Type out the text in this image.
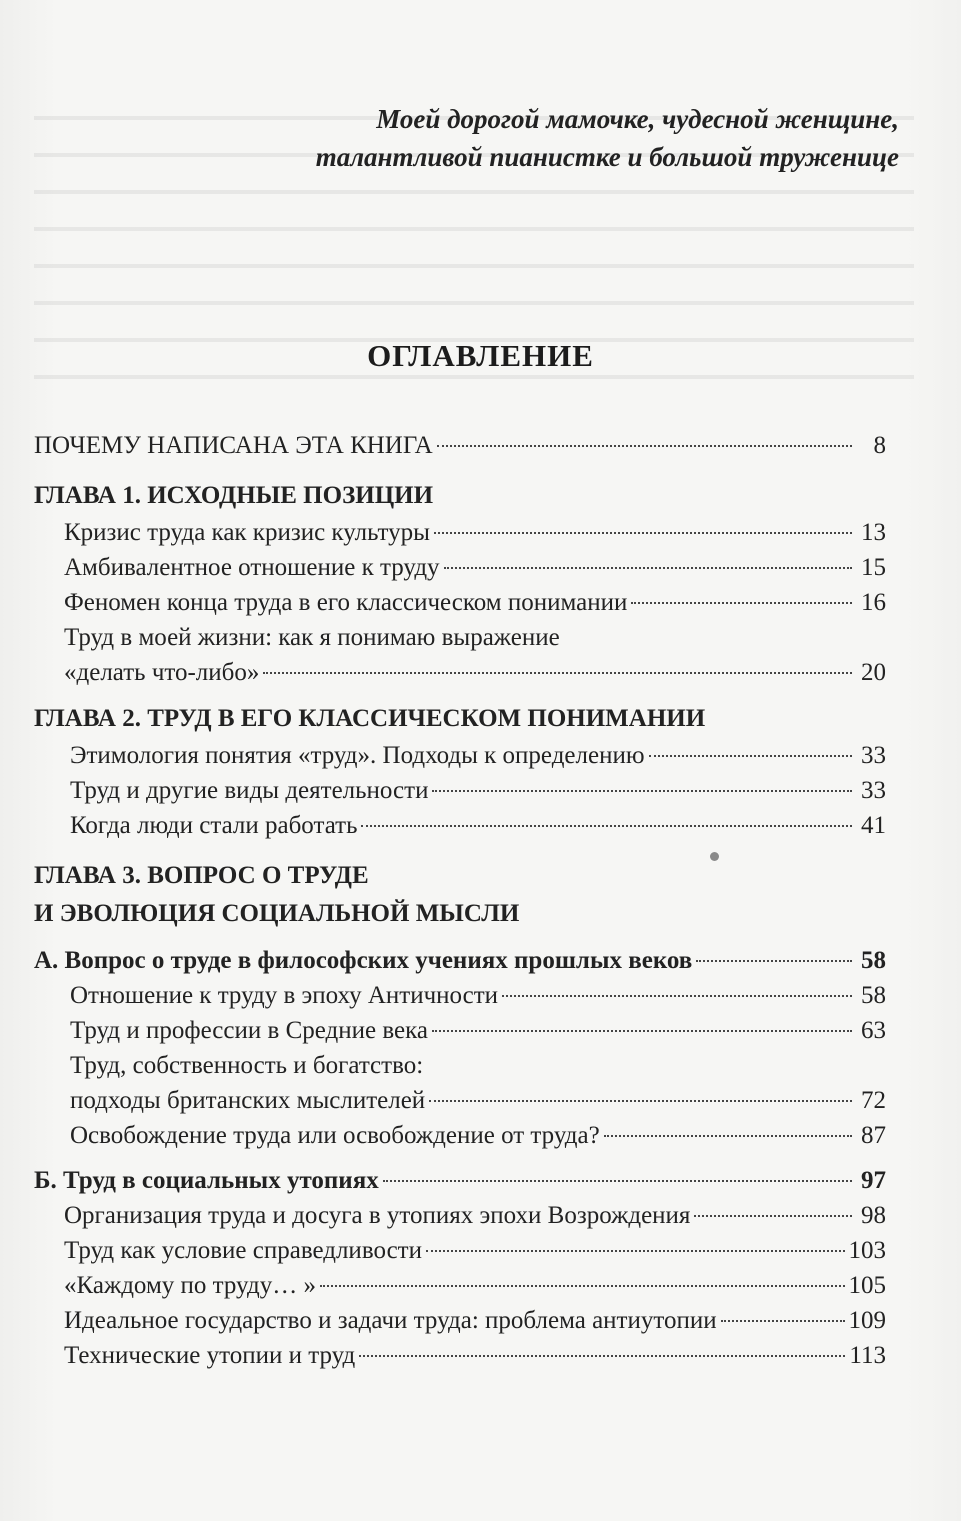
Моей дорогой мамочке, чудесной женщине,
талантливой пианистке и большой труженице
ОГЛАВЛЕНИЕ
ПОЧЕМУ НАПИСАНА ЭТА КНИГА	8
ГЛАВА 1. ИСХОДНЫЕ ПОЗИЦИИ
Кризис труда как кризис культуры	13
Амбивалентное отношение к труду	15
Феномен конца труда в его классическом понимании	16
Труд в моей жизни: как я понимаю выражение
«делать что-либо»	20
ГЛАВА 2. ТРУД В ЕГО КЛАССИЧЕСКОМ ПОНИМАНИИ
Этимология понятия «труд». Подходы к определению	33
Труд и другие виды деятельности	33
Когда люди стали работать	41
ГЛАВА 3. ВОПРОС О ТРУДЕ
И ЭВОЛЮЦИЯ СОЦИАЛЬНОЙ МЫСЛИ
А. Вопрос о труде в философских учениях прошлых веков	58
Отношение к труду в эпоху Античности	58
Труд и профессии в Средние века	63
Труд, собственность и богатство:
подходы британских мыслителей	72
Освобождение труда или освобождение от труда?	87
Б. Труд в социальных утопиях	97
Организация труда и досуга в утопиях эпохи Возрождения	98
Труд как условие справедливости	103
«Каждому по труду… »	105
Идеальное государство и задачи труда: проблема антиутопии	109
Технические утопии и труд	113
